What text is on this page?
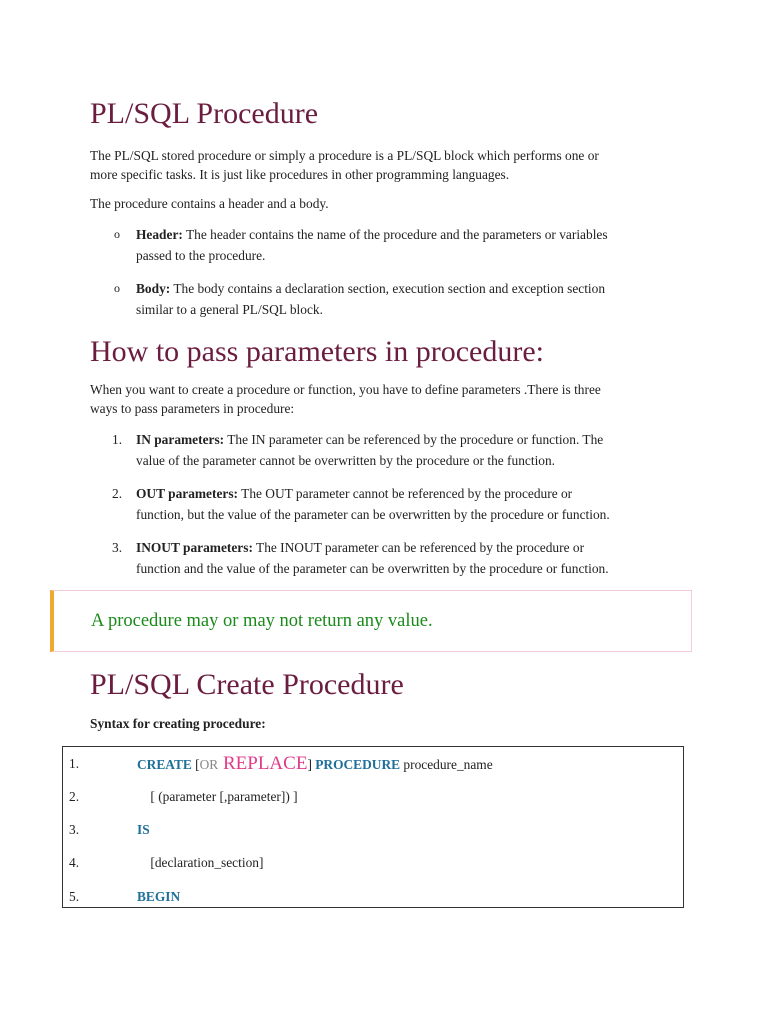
PL/SQL Procedure

The PL/SQL stored procedure or simply a procedure is a PL/SQL block which performs one or
more specific tasks. It is just like procedures in other programming languages.

The procedure contains a header and a body.

o Header: The header contains the name of the procedure and the parameters or variables
passed to the procedure.
o Body: The body contains a declaration section, execution section and exception section
similar to a general PL/SQL block.
How to pass parameters in procedure:

When you want to create a procedure or function, you have to define parameters .There is three
ways to pass parameters in procedure:

1. IN parameters: The IN parameter can be referenced by the procedure or function. The
value of the parameter cannot be overwritten by the procedure or the function.
2. OUT parameters: The OUT parameter cannot be referenced by the procedure or
function, but the value of the parameter can be overwritten by the procedure or function.
3. INOUT parameters: The INOUT parameter can be referenced by the procedure or
function and the value of the parameter can be overwritten by the procedure or function.
A procedure may or may not return any value.
PL/SQL Create Procedure
Syntax for creating procedure:
1.	CREATE [OR REPLACE] PROCEDURE procedure_name
2.	[ (parameter [,parameter]) ]
3.	IS
4.	[declaration_section]
5.	BEGIN
